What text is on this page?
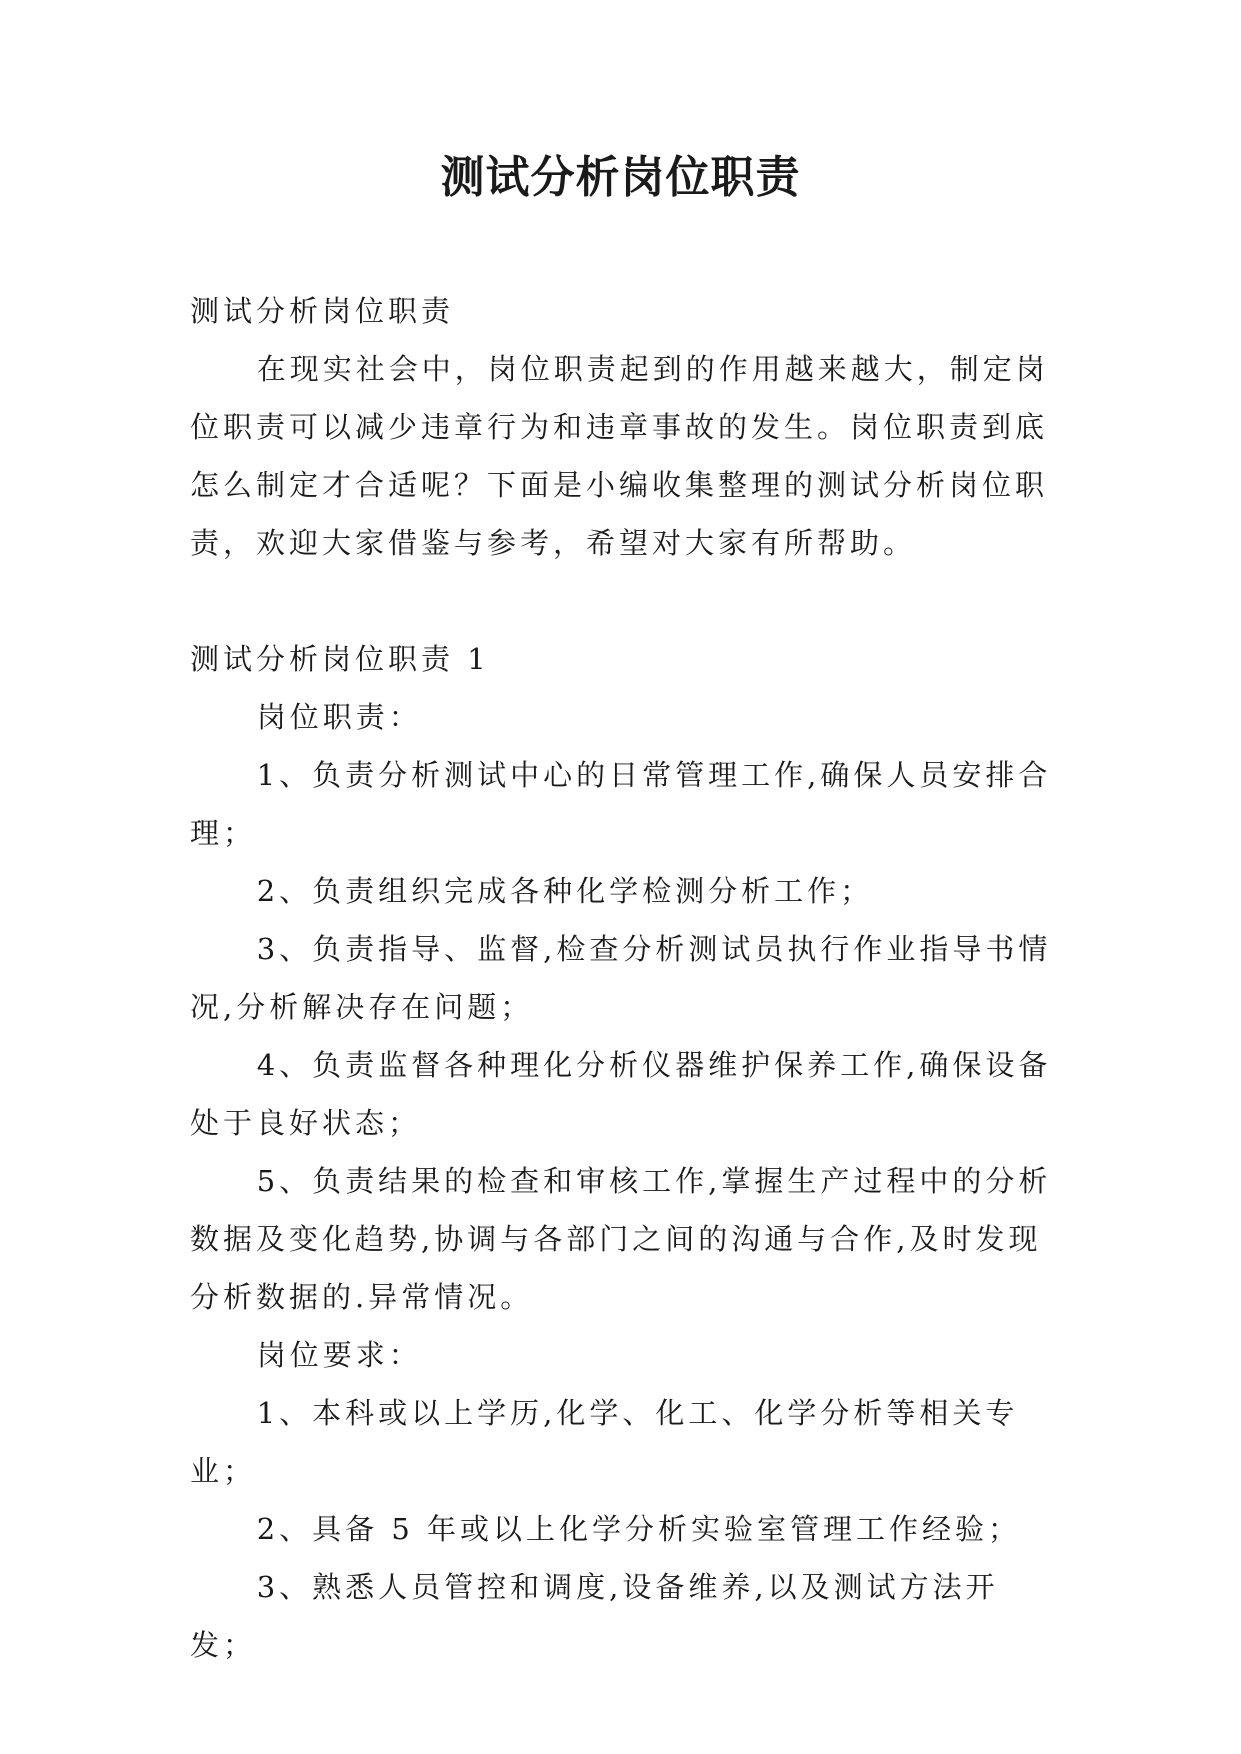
测试分析岗位职责

测试分析岗位职责

在现实社会中，岗位职责起到的作用越来越大，制定岗位职责可以减少违章行为和违章事故的发生。岗位职责到底怎么制定才合适呢？下面是小编收集整理的测试分析岗位职责，欢迎大家借鉴与参考，希望对大家有所帮助。

测试分析岗位职责 1

岗位职责：

1、负责分析测试中心的日常管理工作,确保人员安排合理；

2、负责组织完成各种化学检测分析工作；

3、负责指导、监督,检查分析测试员执行作业指导书情况,分析解决存在问题；

4、负责监督各种理化分析仪器维护保养工作,确保设备处于良好状态；

5、负责结果的检查和审核工作,掌握生产过程中的分析数据及变化趋势,协调与各部门之间的沟通与合作,及时发现分析数据的.异常情况。

岗位要求：

1、本科或以上学历,化学、化工、化学分析等相关专业；

2、具备 5 年或以上化学分析实验室管理工作经验；

3、熟悉人员管控和调度,设备维养,以及测试方法开发；
